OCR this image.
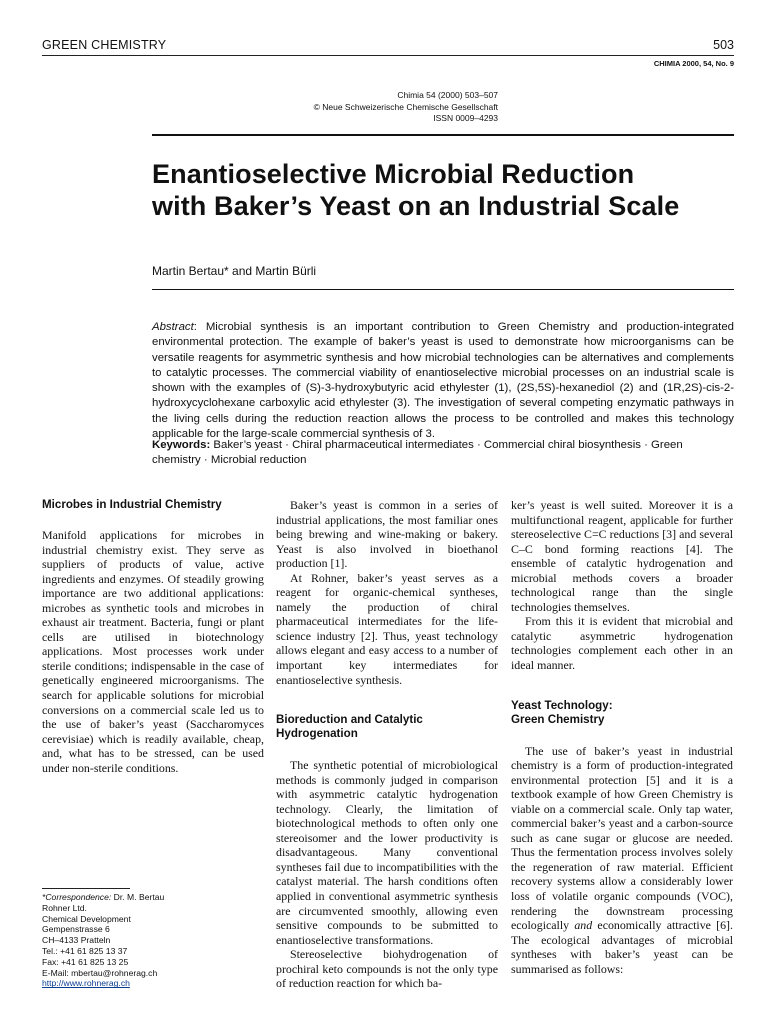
GREEN CHEMISTRY	503
CHIMIA 2000, 54, No. 9
Chimia 54 (2000) 503–507
© Neue Schweizerische Chemische Gesellschaft
ISSN 0009–4293
Enantioselective Microbial Reduction
with Baker’s Yeast on an Industrial Scale
Martin Bertau* and Martin Bürli
Abstract: Microbial synthesis is an important contribution to Green Chemistry and production-integrated environmental protection. The example of baker’s yeast is used to demonstrate how microorganisms can be versatile reagents for asymmetric synthesis and how microbial technologies can be alternatives and complements to catalytic processes. The commercial viability of enantioselective microbial processes on an industrial scale is shown with the examples of (S)-3-hydroxybutyric acid ethylester (1), (2S,5S)-hexanediol (2) and (1R,2S)-cis-2-hydroxycyclohexane carboxylic acid ethylester (3). The investigation of several competing enzymatic pathways in the living cells during the reduction reaction allows the process to be controlled and makes this technology applicable for the large-scale commercial synthesis of 3.
Keywords: Baker’s yeast · Chiral pharmaceutical intermediates · Commercial chiral biosynthesis · Green chemistry · Microbial reduction
Microbes in Industrial Chemistry

Manifold applications for microbes in industrial chemistry exist. They serve as suppliers of products of value, active ingredients and enzymes. Of steadily growing importance are two additional applications: microbes as synthetic tools and microbes in exhaust air treatment. Bacteria, fungi or plant cells are utilised in biotechnology applications. Most processes work under sterile conditions; indispensable in the case of genetically engineered microorganisms. The search for applicable solutions for microbial conversions on a commercial scale led us to the use of baker’s yeast (Saccharomyces cerevisiae) which is readily available, cheap, and, what has to be stressed, can be used under non-sterile conditions.

Baker’s yeast is common in a series of industrial applications, the most familiar ones being brewing and wine-making or bakery. Yeast is also involved in bioethanol production [1].

At Rohner, baker’s yeast serves as a reagent for organic-chemical syntheses, namely the production of chiral pharmaceutical intermediates for the life-science industry [2]. Thus, yeast technology allows elegant and easy access to a number of important key intermediates for enantioselective synthesis.

Bioreduction and Catalytic Hydrogenation

The synthetic potential of microbiological methods is commonly judged in comparison with asymmetric catalytic hydrogenation technology. Clearly, the limitation of biotechnological methods to often only one stereoisomer and the lower productivity is disadvantageous. Many conventional syntheses fail due to incompatibilities with the catalyst material. The harsh conditions often applied in conventional asymmetric synthesis are circumvented smoothly, allowing even sensitive compounds to be submitted to enantioselective transformations.

Stereoselective biohydrogenation of prochiral keto compounds is not the only type of reduction reaction for which ba-

ker’s yeast is well suited. Moreover it is a multifunctional reagent, applicable for further stereoselective C=C reductions [3] and several C–C bond forming reactions [4]. The ensemble of catalytic hydrogenation and microbial methods covers a broader technological range than the single technologies themselves.

From this it is evident that microbial and catalytic asymmetric hydrogenation technologies complement each other in an ideal manner.

Yeast Technology:
Green Chemistry

The use of baker’s yeast in industrial chemistry is a form of production-integrated environmental protection [5] and it is a textbook example of how Green Chemistry is viable on a commercial scale. Only tap water, commercial baker’s yeast and a carbon-source such as cane sugar or glucose are needed. Thus the fermentation process involves solely the regeneration of raw material. Efficient recovery systems allow a considerably lower loss of volatile organic compounds (VOC), rendering the downstream processing ecologically and economically attractive [6]. The ecological advantages of microbial syntheses with baker’s yeast can be summarised as follows:

*Correspondence: Dr. M. Bertau
Rohner Ltd.
Chemical Development
Gempenstrasse 6
CH–4133 Pratteln
Tel.: +41 61 825 13 37
Fax: +41 61 825 13 25
E-Mail: mbertau@rohnerag.ch
http://www.rohnerag.ch
